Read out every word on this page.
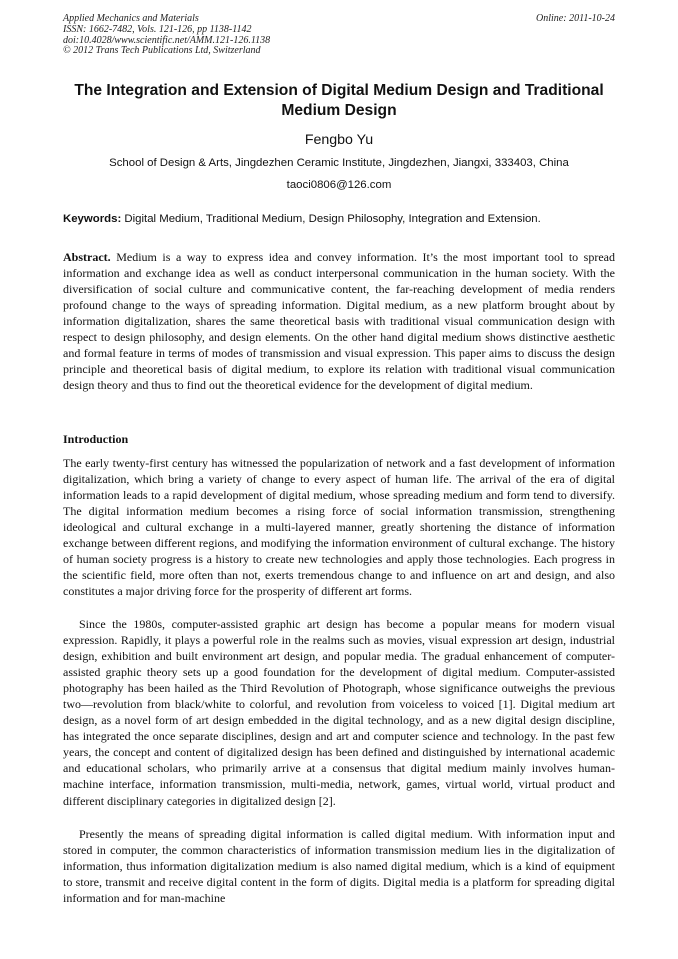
Applied Mechanics and Materials
ISSN: 1662-7482, Vols. 121-126, pp 1138-1142
doi:10.4028/www.scientific.net/AMM.121-126.1138
© 2012 Trans Tech Publications Ltd, Switzerland
Online: 2011-10-24
The Integration and Extension of Digital Medium Design and Traditional Medium Design
Fengbo Yu
School of Design & Arts, Jingdezhen Ceramic Institute, Jingdezhen, Jiangxi, 333403, China
taoci0806@126.com
Keywords: Digital Medium, Traditional Medium, Design Philosophy, Integration and Extension.

Abstract. Medium is a way to express idea and convey information. It’s the most important tool to spread information and exchange idea as well as conduct interpersonal communication in the human society. With the diversification of social culture and communicative content, the far-reaching development of media renders profound change to the ways of spreading information. Digital medium, as a new platform brought about by information digitalization, shares the same theoretical basis with traditional visual communication design with respect to design philosophy, and design elements. On the other hand digital medium shows distinctive aesthetic and formal feature in terms of modes of transmission and visual expression. This paper aims to discuss the design principle and theoretical basis of digital medium, to explore its relation with traditional visual communication design theory and thus to find out the theoretical evidence for the development of digital medium.

Introduction

The early twenty-first century has witnessed the popularization of network and a fast development of information digitalization, which bring a variety of change to every aspect of human life. The arrival of the era of digital information leads to a rapid development of digital medium, whose spreading medium and form tend to diversify. The digital information medium becomes a rising force of social information transmission, strengthening ideological and cultural exchange in a multi-layered manner, greatly shortening the distance of information exchange between different regions, and modifying the information environment of cultural exchange. The history of human society progress is a history to create new technologies and apply those technologies. Each progress in the scientific field, more often than not, exerts tremendous change to and influence on art and design, and also constitutes a major driving force for the prosperity of different art forms.

Since the 1980s, computer-assisted graphic art design has become a popular means for modern visual expression. Rapidly, it plays a powerful role in the realms such as movies, visual expression art design, industrial design, exhibition and built environment art design, and popular media. The gradual enhancement of computer-assisted graphic theory sets up a good foundation for the development of digital medium. Computer-assisted photography has been hailed as the Third Revolution of Photograph, whose significance outweighs the previous two—revolution from black/white to colorful, and revolution from voiceless to voiced [1]. Digital medium art design, as a novel form of art design embedded in the digital technology, and as a new digital design discipline, has integrated the once separate disciplines, design and art and computer science and technology. In the past few years, the concept and content of digitalized design has been defined and distinguished by international academic and educational scholars, who primarily arrive at a consensus that digital medium mainly involves human-machine interface, information transmission, multi-media, network, games, virtual world, virtual product and different disciplinary categories in digitalized design [2].

Presently the means of spreading digital information is called digital medium. With information input and stored in computer, the common characteristics of information transmission medium lies in the digitalization of information, thus information digitalization medium is also named digital medium, which is a kind of equipment to store, transmit and receive digital content in the form of digits. Digital media is a platform for spreading digital information and for man-machine
